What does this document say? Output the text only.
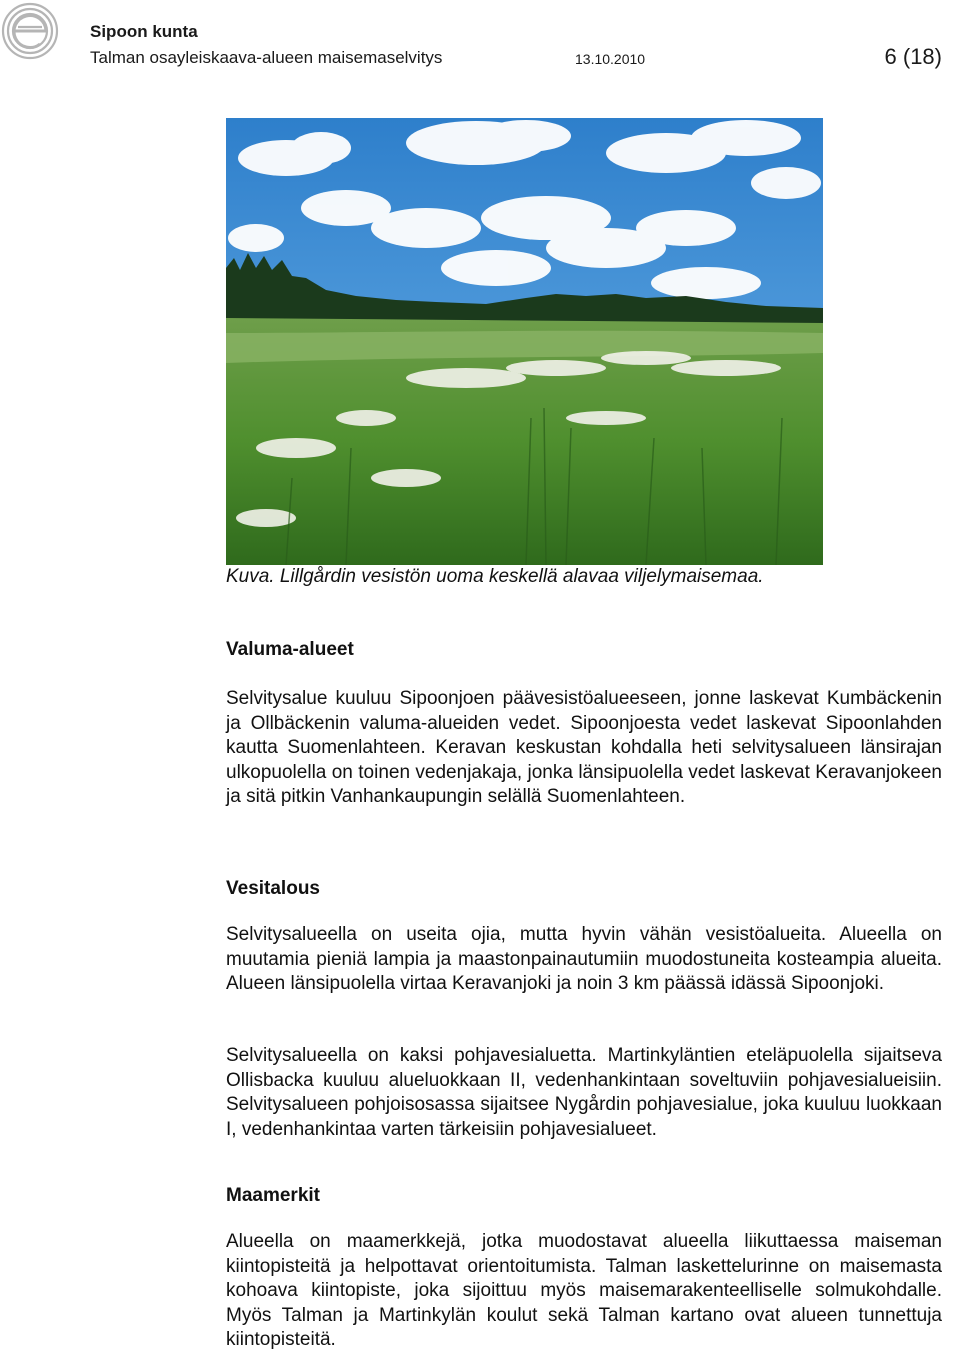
Sipoon kunta
Talman osayleiskaava-alueen maisemaselvitys	13.10.2010	6 (18)
Kuva. Lillgårdin vesistön uoma keskellä alavaa viljelymaisemaa.
Valuma-alueet

Selvitysalue kuuluu Sipoonjoen päävesistöalueeseen, jonne laskevat Kumbäckenin ja Ollbäckenin valuma-alueiden vedet. Sipoonjoesta vedet laskevat Sipoonlahden kautta Suomenlahteen. Keravan keskustan kohdalla heti selvitysalueen länsirajan ulkopuolella on toinen vedenjakaja, jonka länsipuolella vedet laskevat Keravanjokeen ja sitä pitkin Vanhankaupungin selällä Suomenlahteen.

Vesitalous

Selvitysalueella on useita ojia, mutta hyvin vähän vesistöalueita. Alueella on muutamia pieniä lampia ja maastonpainautumiin muodostuneita kosteampia alueita. Alueen länsipuolella virtaa Keravanjoki ja noin 3 km päässä idässä Sipoonjoki.

Selvitysalueella on kaksi pohjavesialuetta. Martinkyläntien eteläpuolella sijaitseva Ollisbacka kuuluu alueluokkaan II, vedenhankintaan soveltuviin pohjavesialueisiin. Selvitysalueen pohjoisosassa sijaitsee Nygårdin pohjavesialue, joka kuuluu luokkaan I, vedenhankintaa varten tärkeisiin pohjavesialueet.

Maamerkit

Alueella on maamerkkejä, jotka muodostavat alueella liikuttaessa maiseman kiintopisteitä ja helpottavat orientoitumista. Talman laskettelurinne on maisemasta kohoava kiintopiste, joka sijoittuu myös maisemarakenteelliselle solmukohdalle. Myös Talman ja Martinkylän koulut sekä Talman kartano ovat alueen tunnettuja kiintopisteitä.
